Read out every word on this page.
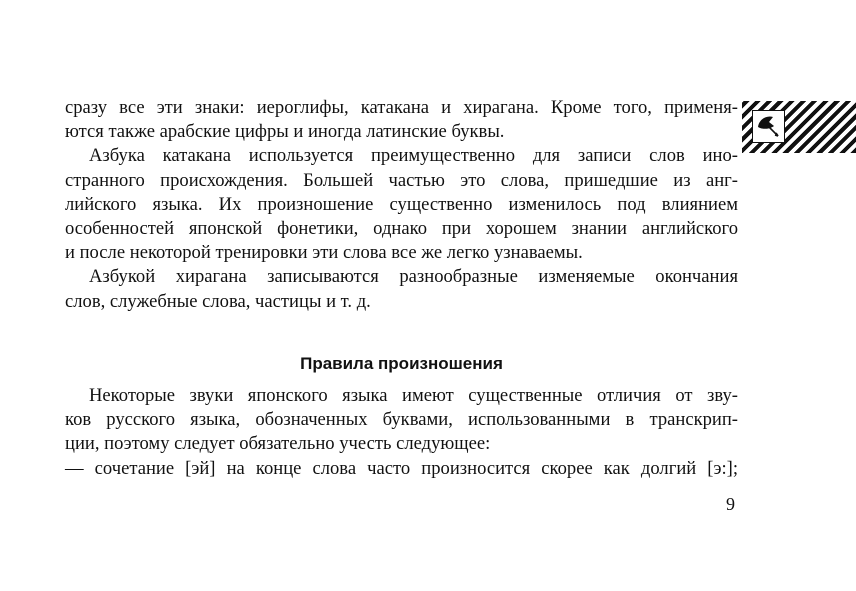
сразу все эти знаки: иероглифы, катакана и хирагана. Кроме того, применя-
ются также арабские цифры и иногда латинские буквы.

Азбука катакана используется преимущественно для записи слов ино-
странного происхождения. Большей частью это слова, пришедшие из анг-
лийского языка. Их произношение существенно изменилось под влиянием
особенностей японской фонетики, однако при хорошем знании английского
и после некоторой тренировки эти слова все же легко узнаваемы.

Азбукой хирагана записываются разнообразные изменяемые окончания
слов, служебные слова, частицы и т. д.

Правила произношения

Некоторые звуки японского языка имеют существенные отличия от зву-
ков русского языка, обозначенных буквами, использованными в транскрип-
ции, поэтому следует обязательно учесть следующее:
— сочетание [эй] на конце слова часто произносится скорее как долгий [э:];

9
